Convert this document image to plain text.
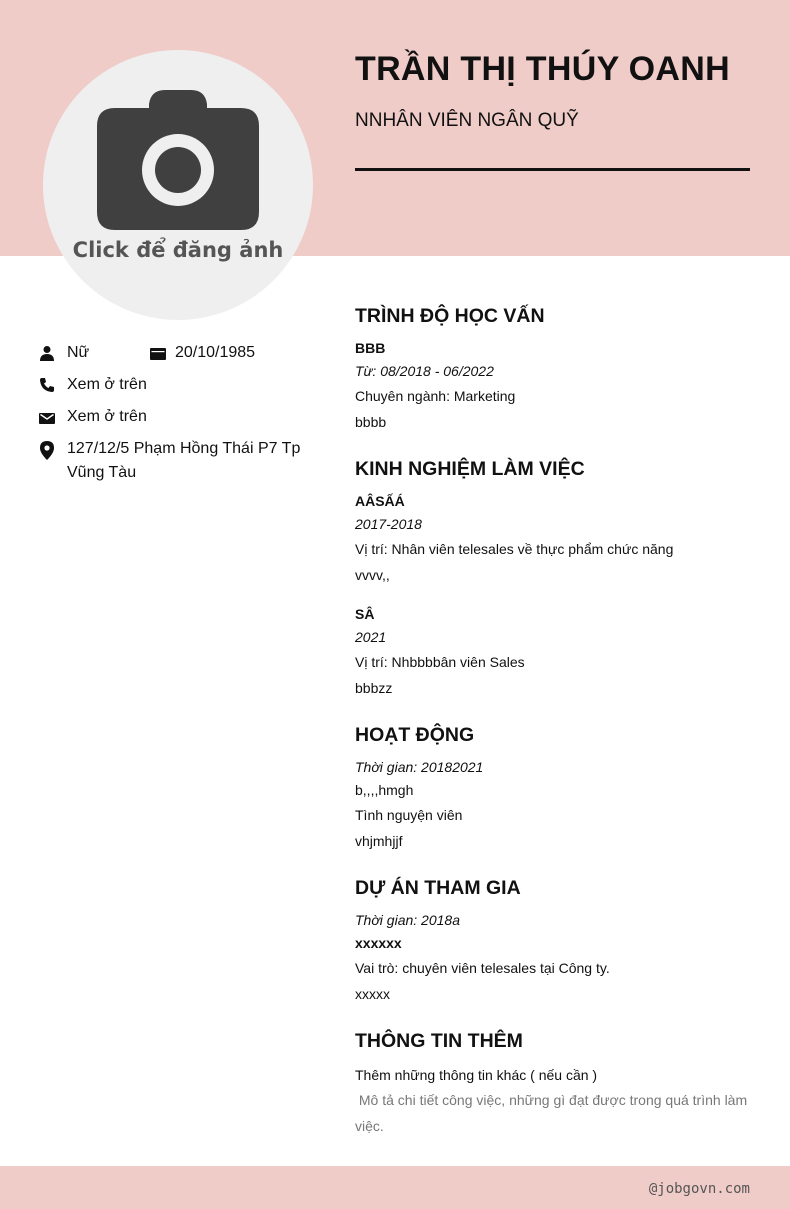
Click để đăng ảnh
TRẦN THỊ THÚY OANH
NNHÂN VIÊN NGÂN QUỸ
Nữ	20/10/1985
Xem ở trên
Xem ở trên
127/12/5 Phạm Hồng Thái P7 Tp Vũng Tàu
TRÌNH ĐỘ HỌC VẤN
BBB
Từ: 08/2018 - 06/2022
Chuyên ngành: Marketing
bbbb
KINH NGHIỆM LÀM VIỆC
AÂSẤÁ
2017-2018
Vị trí: Nhân viên telesales về thực phẩm chức năng
vvvv,,
SÂ
2021
Vị trí: Nhbbbbân viên Sales
bbbzz
HOẠT ĐỘNG
Thời gian: 20182021
b,,,,hmgh
Tình nguyện viên
vhjmhjjf
DỰ ÁN THAM GIA
Thời gian: 2018a
xxxxxx
Vai trò: chuyên viên telesales tại Công ty.
xxxxx
THÔNG TIN THÊM
Thêm những thông tin khác ( nếu cần )
Mô tả chi tiết công việc, những gì đạt được trong quá trình làm việc.
@jobgovn.com
